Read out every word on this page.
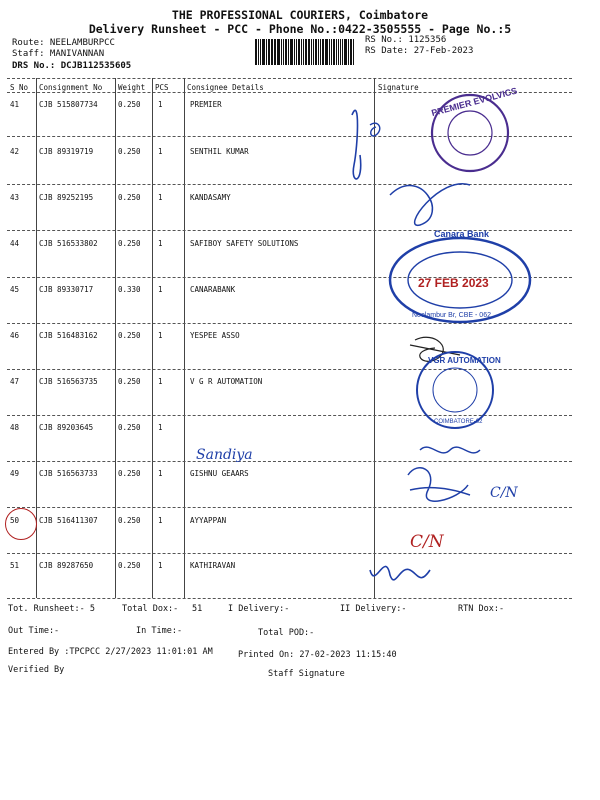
THE PROFESSIONAL COURIERS, Coimbatore
Delivery Runsheet - PCC - Phone No.:0422-3505555 - Page No.:5
Route: NEELAMBURPCC
Staff: MANIVANNAN
DRS No.: DCJB112535605
RS No.: 1125356
RS Date: 27-Feb-2023
S No Consignment No Weight PCS Consignee Details	Signature
41	CJB 515807734	0.250 1	PREMIER
42	CJB 89319719	0.250 1	SENTHIL KUMAR
43	CJB 89252195	0.250 1	KANDASAMY
44	CJB 516533802	0.250 1	SAFIBOY SAFETY SOLUTIONS
45	CJB 89330717	0.330 1	CANARABANK
46	CJB 516483162	0.250 1	YESPEE ASSO
47	CJB 516563735	0.250 1	V G R AUTOMATION
48	CJB 89203645	0.250 1
49	CJB 516563733	0.250 1	GISHNU GEAARS
50	CJB 516411307	0.250 1	AYYAPPAN
51	CJB 89287650	0.250 1	KATHIRAVAN
PREMIER EVOLVICS
Canara Bank
27 FEB 2023
Neelambur Br, CBE - 062
VGR AUTOMATION
COIMBATORE-62
C/N
C/N
Sandiya
Tot. Runsheet:- 5	Total Dox:- 51	I Delivery:-	II Delivery:-	RTN Dox:-
Out Time:-	In Time:-	Total POD:-
Entered By :TPCPCC 2/27/2023 11:01:01 AM	Printed On: 27-02-2023 11:15:40
Verified By	Staff Signature
